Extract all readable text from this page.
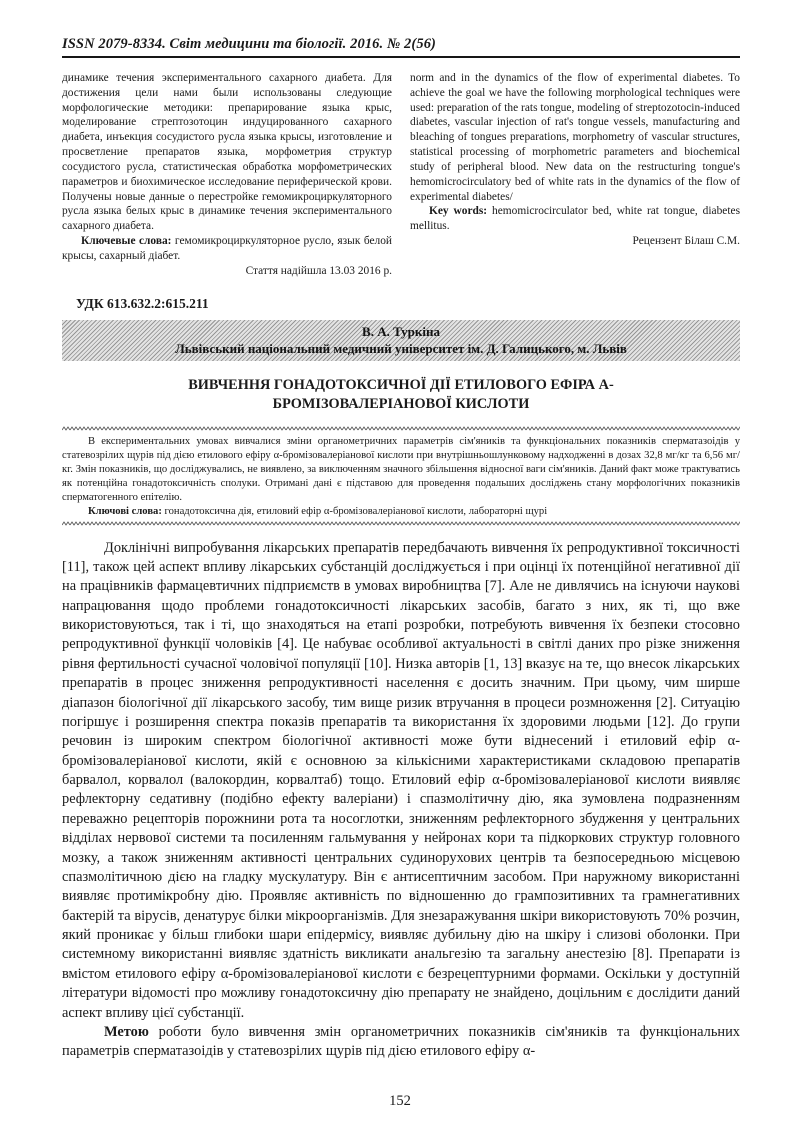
ISSN 2079-8334. Світ медицини та біології. 2016. № 2(56)

динамике течения экспериментального сахарного диабета. Для достижения цели нами были использованы следующие морфологические методики: препарирование языка крыс, моделирование стрептозотоцин индуцированного сахарного диабета, инъекция сосудистого русла языка крысы, изготовление и просветление препаратов языка, морфометрия структур сосудистого русла, статистическая обработка морфометрических параметров и биохимическое исследование периферической крови. Получены новые данные о перестройке гемомикроциркуляторного русла языка белых крыс в динамике течения экспериментального сахарного диабета.

Ключевые слова: гемомикроциркуляторное русло, язык белой крысы, сахарный діабет.

Стаття надійшла 13.03 2016 р.

norm and in the dynamics of the flow of experimental diabetes. To achieve the goal we have the following morphological techniques were used: preparation of the rats tongue, modeling of streptozotocin-induced diabetes, vascular injection of rat's tongue vessels, manufacturing and bleaching of tongues preparations, morphometry of vascular structures, statistical processing of morphometric parameters and biochemical study of peripheral blood. New data on the restructuring tongue's hemomicrocirculatory bed of white rats in the dynamics of the flow of experimental diabetes/

Key words: hemomicrocirculator bed, white rat tongue, diabetes mellitus.

Рецензент Білаш С.М.

УДК 613.632.2:615.211
В. А. Туркіна
Львівський національний медичний університет ім. Д. Галицького, м. Львів
ВИВЧЕННЯ ГОНАДОТОКСИЧНОЇ ДІЇ ЕТИЛОВОГО ЕФІРА А-БРОМІЗОВАЛЕРІАНОВОЇ КИСЛОТИ

В експериментальних умовах вивчалися зміни органометричних параметрів сім'яників та функціональних показників сперматазоідів у статевозрілих щурів під дією етилового ефіру α-бромізовалеріанової кислоти при внутрішньошлунковому надходженні в дозах 32,8 мг/кг та 6,56 мг/кг. Змін показників, що досліджувались, не виявлено, за виключенням значного збільшення відносної ваги сім'яників. Даний факт може трактуватись як потенційна гонадотоксичність сполуки. Отримані дані є підставою для проведення подальших досліджень стану морфологічних показників сперматогенного епітелію.

Ключові слова: гонадотоксична дія, етиловий ефір α-бромізовалеріанової кислоти, лабораторні щурі

Доклінічні випробування лікарських препаратів передбачають вивчення їх репродуктивної токсичності [11], також цей аспект впливу лікарських субстанцій досліджується і при оцінці їх потенційної негативної дії на працівників фармацевтичних підприємств в умовах виробництва [7]. Але не дивлячись на існуючи наукові напрацювання щодо проблеми гонадотоксичності лікарських засобів, багато з них, як ті, що вже використовуються, так і ті, що знаходяться на етапі розробки, потребують вивчення їх безпеки стосовно репродуктивної функції чоловіків [4]. Це набуває особливої актуальності в світлі даних про різке зниження рівня фертильності сучасної чоловічої популяції [10]. Низка авторів [1, 13] вказує на те, що внесок лікарських препаратів в процес зниження репродуктивності населення є досить значним. При цьому, чим ширше діапазон біологічної дії лікарського засобу, тим вище ризик втручання в процеси розмноження [2]. Ситуацію погіршує і розширення спектра показів препаратів та використання їх здоровими людьми [12]. До групи речовин із широким спектром біологічної активності може бути віднесений і етиловий ефір α-бромізовалеріанової кислоти, якій є основною за кількісними характеристиками складовою препаратів барвалол, корвалол (валокордин, корвалтаб) тощо. Етиловий ефір α-бромізовалеріанової кислоти виявляє рефлекторну седативну (подібно ефекту валеріани) і спазмолітичну дію, яка зумовлена подразненням переважно рецепторів порожнини рота та носоглотки, зниженням рефлекторного збудження у центральних відділах нервової системи та посиленням гальмування у нейронах кори та підкоркових структур головного мозку, а також зниженням активності центральних судинорухових центрів та безпосередньою місцевою спазмолітичною дією на гладку мускулатуру. Він є антисептичним засобом. При наружному використанні виявляє протимікробну дію. Проявляє активність по відношенню до грампозитивних та грамнегативних бактерій та вірусів, денатурує білки мікроорганізмів. Для знезаражування шкіри використовують 70% розчин, який проникає у більш глибоки шари епідермісу, виявляє дубильну дію на шкіру і слизові оболонки. При системному використанні виявляє здатність викликати анальгезію та загальну анестезію [8]. Препарати із вмістом етилового ефіру α-бромізовалеріанової кислоти є безрецептурними формами. Оскільки у доступній літератури відомості про можливу гонадотоксичну дію препарату не знайдено, доцільним є дослідити даний аспект впливу цієї субстанції.

Метою роботи було вивчення змін органометричних показників сім'яників та функціональних параметрів сперматазоідів у статевозрілих щурів під дією етилового ефіру α-

152
